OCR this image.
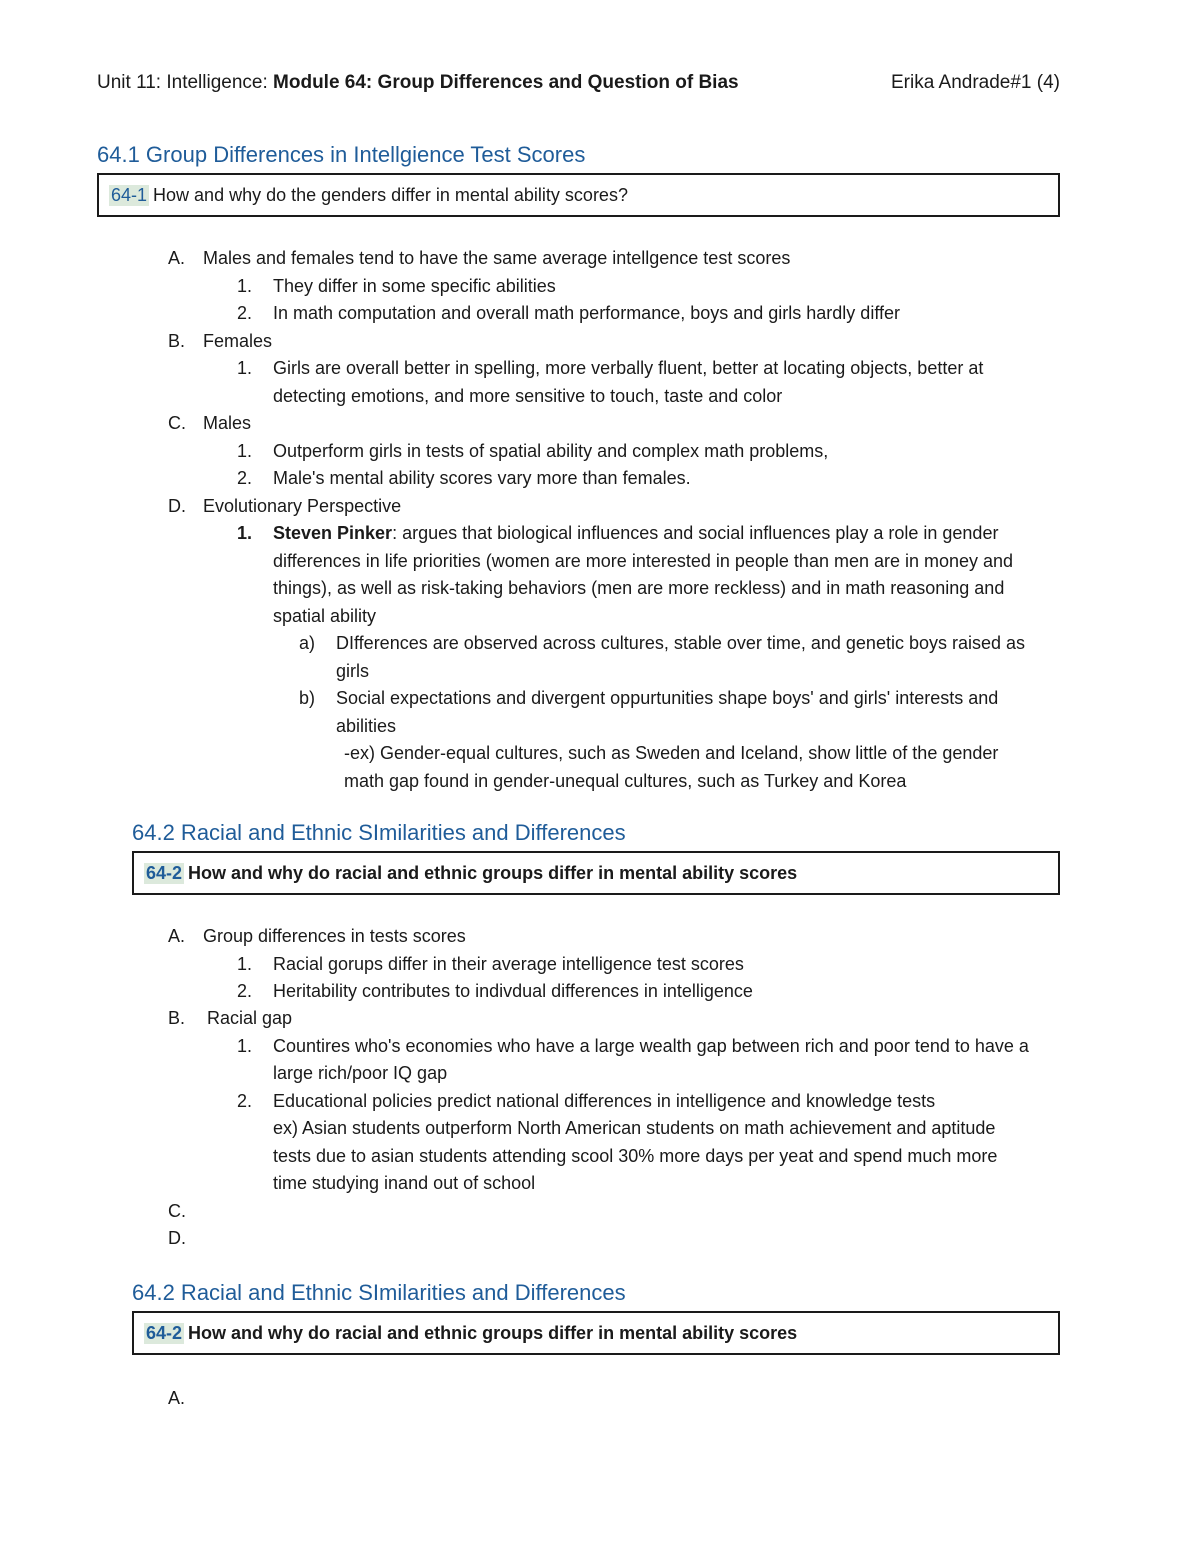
Unit 11: Intelligence: Module 64: Group Differences and Question of Bias	Erika Andrade#1 (4)
64.1 Group Differences in Intellgience Test Scores
64-1 How and why do the genders differ in mental ability scores?
A. Males and females tend to have the same average intellgence test scores
1. They differ in some specific abilities
2. In math computation and overall math performance, boys and girls hardly differ
B. Females
1. Girls are overall better in spelling, more verbally fluent, better at locating objects, better at
detecting emotions, and more sensitive to touch, taste and color
C. Males
1. Outperform girls in tests of spatial ability and complex math problems,
2. Male's mental ability scores vary more than females.
D. Evolutionary Perspective
1. Steven Pinker: argues that biological influences and social influences play a role in gender
differences in life priorities (women are more interested in people than men are in money and
things), as well as risk-taking behaviors (men are more reckless) and in math reasoning and
spatial ability
a) DIfferences are observed across cultures, stable over time, and genetic boys raised as
girls
b) Social expectations and divergent oppurtunities shape boys' and girls' interests and
abilities
-ex) Gender-equal cultures, such as Sweden and Iceland, show little of the gender
math gap found in gender-unequal cultures, such as Turkey and Korea
64.2 Racial and Ethnic SImilarities and Differences
64-2 How and why do racial and ethnic groups differ in mental ability scores
A. Group differences in tests scores
1. Racial gorups differ in their average intelligence test scores
2. Heritability contributes to indivdual differences in intelligence
B. Racial gap
1. Countires who's economies who have a large wealth gap between rich and poor tend to have a
large rich/poor IQ gap
2. Educational policies predict national differences in intelligence and knowledge tests
ex) Asian students outperform North American students on math achievement and aptitude
tests due to asian students attending scool 30% more days per yeat and spend much more
time studying inand out of school
C.
D.
64.2 Racial and Ethnic SImilarities and Differences
64-2 How and why do racial and ethnic groups differ in mental ability scores
A.
